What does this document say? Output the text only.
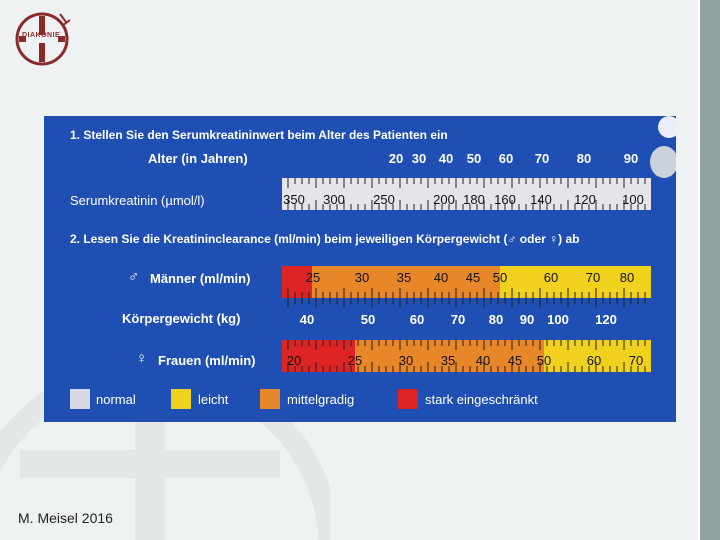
DIAKONIE
M. Meisel 2016
1. Stellen Sie den Serumkreatininwert beim Alter des Patienten ein
Alter (in Jahren)	20 30 40 50 60 70 80	90
Serumkreatinin (µmol/l)	350 300 250	200 180 160 140 120 100
2. Lesen Sie die Kreatininclearance (ml/min) beim jeweiligen Körpergewicht (♂ oder ♀) ab
♂ Männer (ml/min)	25	30 35 40 45 50	60 70 80
Körpergewicht (kg)	40	50	60 70 80 90 100 120
♀ Frauen (ml/min) 20	25	30 35 40 45 50	60 70
normal	leicht	mittelgradig	stark eingeschränkt
